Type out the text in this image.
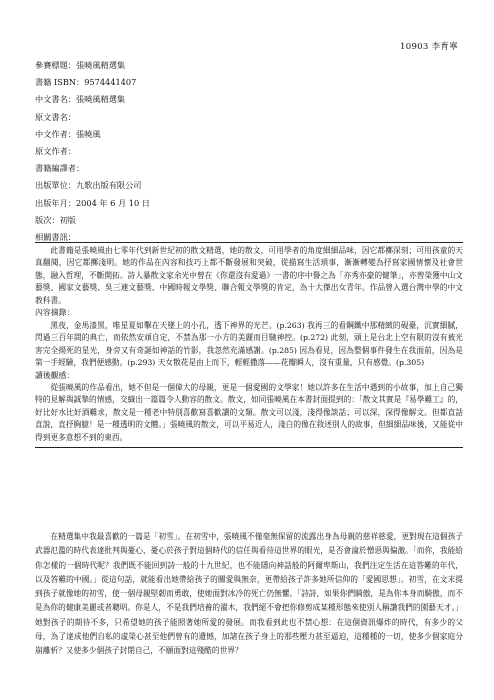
10903 李育寧
參賽標題： 張曉風精選集
書籍 ISBN： 9574441407
中文書名： 張曉風精選集
原文書名：
中文作者： 張曉風
原文作者：
書籍編譯者：
出版單位： 九歌出版有限公司
出版年月： 2004 年 6 月 10 日
版次： 初版
相關書訊：

此書籍是張曉風由七零年代到新世紀初的散文精選，她的散文，可用學者的角度細細品味，因它都擲深刻；可用孩童的天真翻閱，因它都擲淺明。她的作品在內容和技巧上都不斷發展和突破，從描寫生活瑣事，漸漸轉變為抒寫家國情懷及社會世態，融入哲理，不斷開拓。詩人暴散文家余光中曾在《你還沒有愛過》一書的序中譽之為「亦秀亦豪的健筆」，亦曾榮獲中山文藝獎、國家文藝獎、吳三連文藝獎、中國時報文學獎、聯合報文學獎的肯定，為十大傑出女青年。作品曾入選台灣中學的中文教科書。

內容摘錄：

黑夜，金馬漆黑，唯星夏如擊在天墜上的小孔，透下神界的光芒。(p.263) 我再三的看鋼鐵中那精緻的硯臺，沉實細膩，閃過三百年間的典亡，而依然安頑自定，不禁為那一小方的美麗而目馳神控。(p.272) 此刻，頭上是台北上空有限的沒有被光害完全揚死的星光，身旁又有奇誕如神話的竹影，我忽然充滿感謝。(p.285) 因為看見，因為整個事件發生在我面前，因為是第一手經驗，我們便感動。(p.293) 天女散花是由上而下，輕輕撒落——花瓣瞬人，沒有重量，只有感覺。(p.305)

讀後觀感：

從張曉風的作品看出，她不但是一個偉大的母親，更是一個愛國的文學家！她以許多在生活中遇到的小故事，加上自己獨特的見解與誠摯的情感，交織出一篇篇令人動容的散文。散文，如同張曉風在本書封面提到的：「散文其實是『易學難工』的，好比好水比好酒難求，散文是一種老中特別喜歡寫喜歡讀的文類。散文可以淺，淺得像談話；可以深，深得像解文。但都直話直說，直抒胸臆！是一種透明的文體。」張曉風的散文，可以平易近人，淺白的像在敘述別人的故事，但細細品味後，又能從中得到更多意想不到的東西。

在精選集中我最喜歡的一篇是「初雪」。在初雪中，張曉風不僅毫無保留的流露出身為母親的慈祥慈愛，更對現在這個孩子武器氾濫的時代表達批判與憂心，憂心於孩子對這個時代的信任與看待這世界的眼光，是否會淪於憎惡與偏激。「而你，我能給你怎樣的一個時代呢？我們既不能回到詩一般的十九世紀，也不能隱向神話般的阿爾卑斯山，我們注定生活在這答難的年代，以及答難的中國。」從這句話，就能看出她帶給孩子的關愛與無奈，更帶給孩子許多她所信仰的「愛國思想」。初雪，在文末提到孩子就像她的初雪，使一個母親堅韌而勇敢，使她面對冰冷的死亡仍無懼。「詩詩，如果你們騎傲，是為你本身而騎傲，而不是為你的健康美麗或者聰明。你是人，不是我們培養的濯木，我們絕不會把你修剪成某種形態來使別人稱讚我們的園藝天才。」她對孩子的期待不多，只希望她的孩子能照著她所愛的發展。而我看到此也不禁心想：在這個資訊爆炸的時代，有多少的父母，為了達成他們自私的虛榮心甚至他們曾有的遺憾，加諸在孩子身上的那些壓力甚至逼迫，這種種的一切，使多少個家庭分崩離析？又使多少個孩子封閉自己，不願面對這殘酷的世界？
